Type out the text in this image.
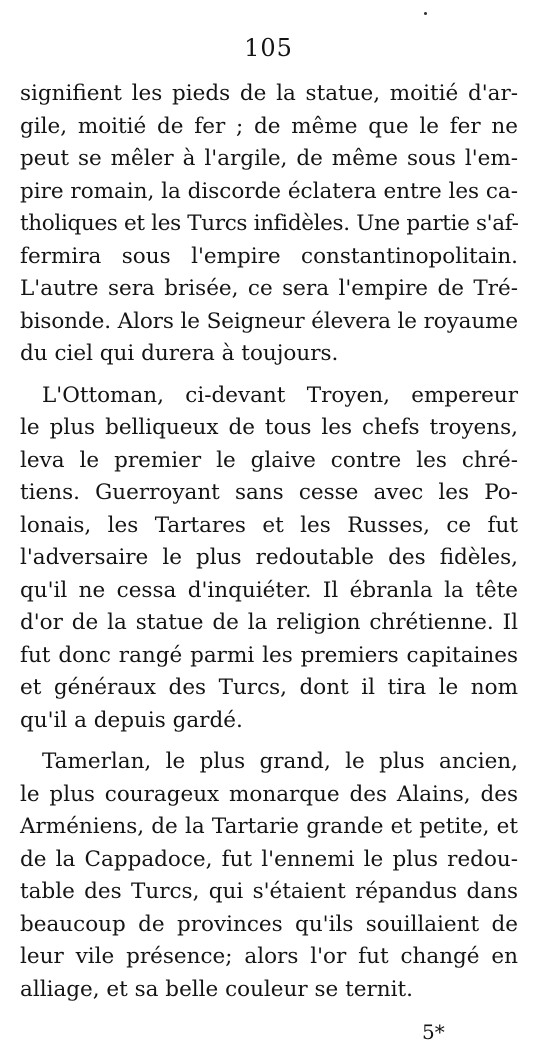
105
signifient les pieds de la statue, moitié d'ar-
gile, moitié de fer ; de même que le fer ne
peut se mêler à l'argile, de même sous l'em-
pire romain, la discorde éclatera entre les ca-
tholiques et les Turcs infidèles. Une partie s'af-
fermira sous l'empire constantinopolitain.
L'autre sera brisée, ce sera l'empire de Tré-
bisonde. Alors le Seigneur élevera le royaume
du ciel qui durera à toujours.
L'Ottoman, ci-devant Troyen, empereur
le plus belliqueux de tous les chefs troyens,
leva le premier le glaive contre les chré-
tiens. Guerroyant sans cesse avec les Po-
lonais, les Tartares et les Russes, ce fut
l'adversaire le plus redoutable des fidèles,
qu'il ne cessa d'inquiéter. Il ébranla la tête
d'or de la statue de la religion chrétienne. Il
fut donc rangé parmi les premiers capitaines
et généraux des Turcs, dont il tira le nom
qu'il a depuis gardé.
Tamerlan, le plus grand, le plus ancien,
le plus courageux monarque des Alains, des
Arméniens, de la Tartarie grande et petite, et
de la Cappadoce, fut l'ennemi le plus redou-
table des Turcs, qui s'étaient répandus dans
beaucoup de provinces qu'ils souillaient de
leur vile présence; alors l'or fut changé en
alliage, et sa belle couleur se ternit.
5*
